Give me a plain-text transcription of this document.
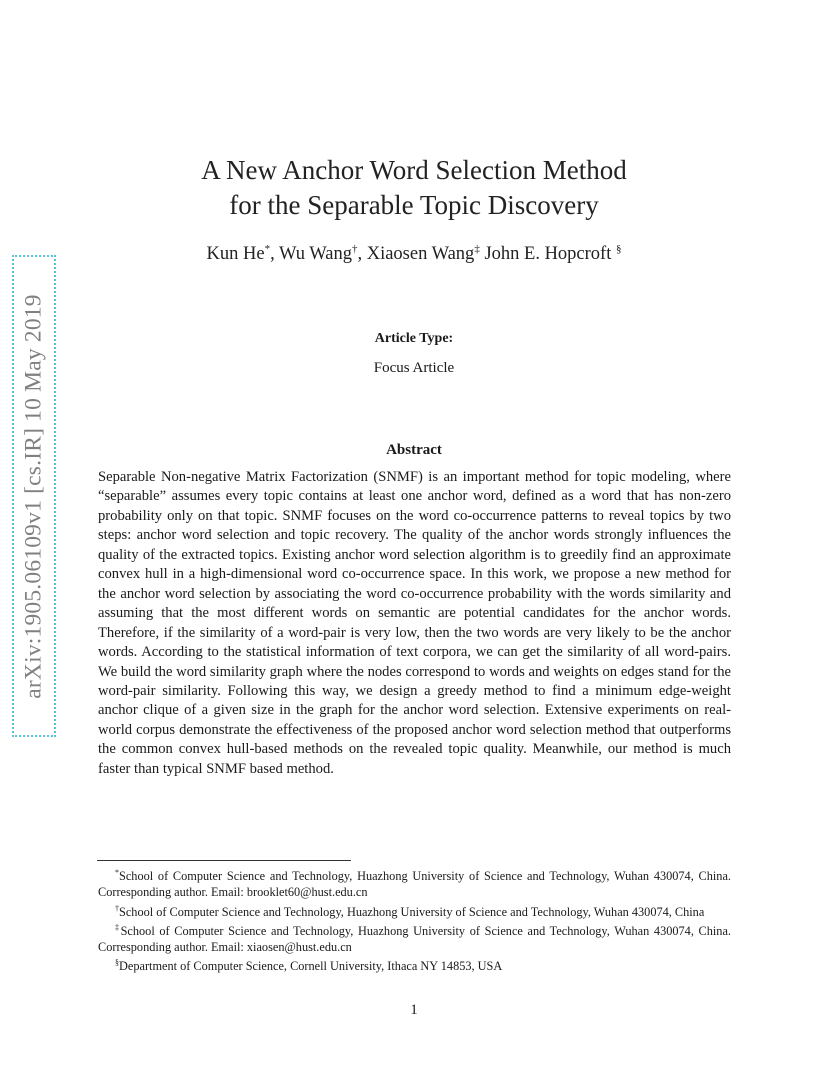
arXiv:1905.06109v1 [cs.IR] 10 May 2019
A New Anchor Word Selection Method
for the Separable Topic Discovery
Kun He*, Wu Wang†, Xiaosen Wang‡ John E. Hopcroft §
Article Type:
Focus Article
Abstract
Separable Non-negative Matrix Factorization (SNMF) is an important method for topic modeling, where “separable” assumes every topic contains at least one anchor word, defined as a word that has non-zero probability only on that topic. SNMF focuses on the word co-occurrence patterns to reveal topics by two steps: anchor word selection and topic recovery. The quality of the anchor words strongly influences the quality of the extracted topics. Existing anchor word selection algorithm is to greedily find an approximate convex hull in a high-dimensional word co-occurrence space. In this work, we propose a new method for the anchor word selection by associating the word co-occurrence probability with the words similarity and assuming that the most different words on semantic are potential candidates for the anchor words. Therefore, if the similarity of a word-pair is very low, then the two words are very likely to be the anchor words. According to the statistical information of text corpora, we can get the similarity of all word-pairs. We build the word similarity graph where the nodes correspond to words and weights on edges stand for the word-pair similarity. Following this way, we design a greedy method to find a minimum edge-weight anchor clique of a given size in the graph for the anchor word selection. Extensive experiments on real-world corpus demonstrate the effectiveness of the proposed anchor word selection method that outperforms the common convex hull-based methods on the revealed topic quality. Meanwhile, our method is much faster than typical SNMF based method.

*School of Computer Science and Technology, Huazhong University of Science and Technology, Wuhan 430074, China. Corresponding author. Email: brooklet60@hust.edu.cn

†School of Computer Science and Technology, Huazhong University of Science and Technology, Wuhan 430074, China

‡School of Computer Science and Technology, Huazhong University of Science and Technology, Wuhan 430074, China. Corresponding author. Email: xiaosen@hust.edu.cn

§Department of Computer Science, Cornell University, Ithaca NY 14853, USA

1
